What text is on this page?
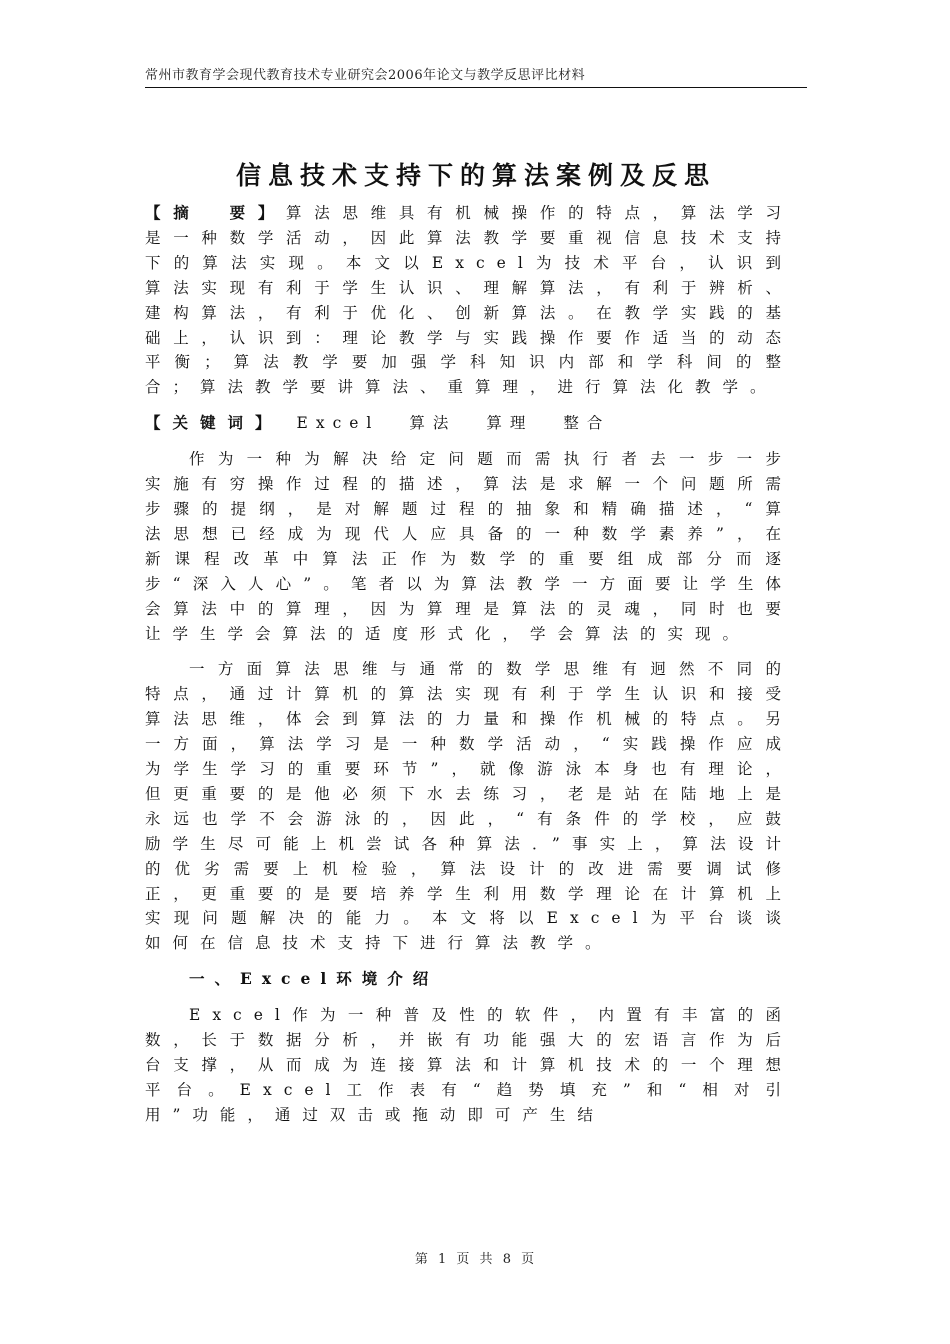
常州市教育学会现代教育技术专业研究会2006年论文与教学反思评比材料
信息技术支持下的算法案例及反思

【摘　要】算法思维具有机械操作的特点，算法学习是一种数学活动，因此算法教学要重视信息技术支持下的算法实现。本文以Excel为技术平台，认识到算法实现有利于学生认识、理解算法，有利于辨析、建构算法，有利于优化、创新算法。在教学实践的基础上，认识到：理论教学与实践操作要作适当的动态平衡；算法教学要加强学科知识内部和学科间的整合；算法教学要讲算法、重算理，进行算法化教学。

【关键词】 Excel 算法 算理 整合

作为一种为解决给定问题而需执行者去一步一步实施有穷操作过程的描述，算法是求解一个问题所需步骤的提纲，是对解题过程的抽象和精确描述，“算法思想已经成为现代人应具备的一种数学素养”，在新课程改革中算法正作为数学的重要组成部分而逐步“深入人心”。笔者以为算法教学一方面要让学生体会算法中的算理，因为算理是算法的灵魂，同时也要让学生学会算法的适度形式化，学会算法的实现。

一方面算法思维与通常的数学思维有迥然不同的特点，通过计算机的算法实现有利于学生认识和接受算法思维，体会到算法的力量和操作机械的特点。另一方面，算法学习是一种数学活动，“实践操作应成为学生学习的重要环节”，就像游泳本身也有理论，但更重要的是他必须下水去练习，老是站在陆地上是永远也学不会游泳的，因此，“有条件的学校，应鼓励学生尽可能上机尝试各种算法．”事实上，算法设计的优劣需要上机检验，算法设计的改进需要调试修正，更重要的是要培养学生利用数学理论在计算机上实现问题解决的能力。本文将以Excel为平台谈谈如何在信息技术支持下进行算法教学。

一、Excel环境介绍

Excel作为一种普及性的软件，内置有丰富的函数，长于数据分析，并嵌有功能强大的宏语言作为后台支撑，从而成为连接算法和计算机技术的一个理想平台。Excel工作表有“趋势填充”和“相对引用”功能，通过双击或拖动即可产生结

第 1 页 共 8 页
